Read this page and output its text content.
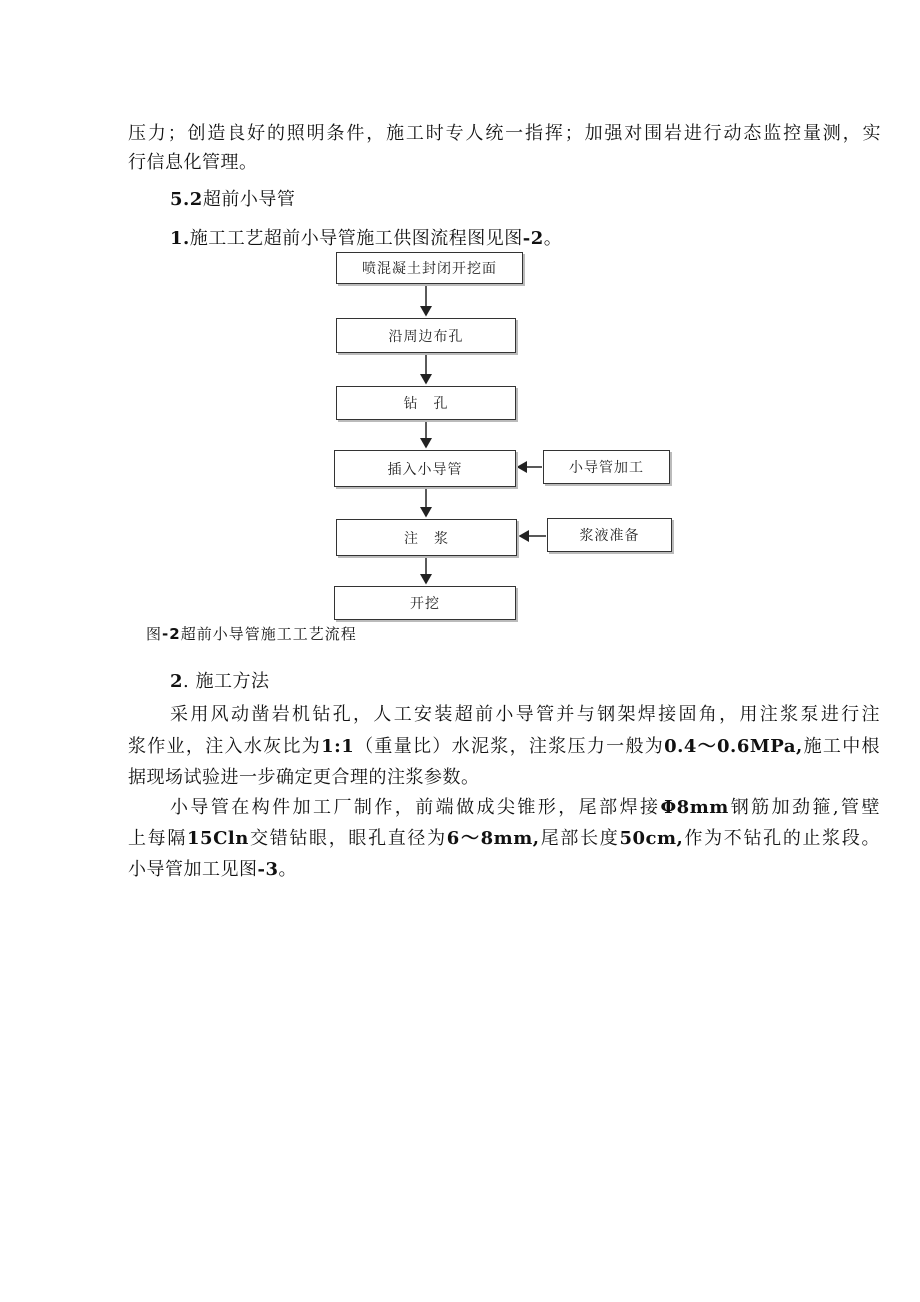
压力；创造良好的照明条件，施工时专人统一指挥；加强对围岩进行动态监控量测，实
行信息化管理。
5.2超前小导管
1.施工工艺超前小导管施工供图流程图见图-2。
喷混凝土封闭开挖面
沿周边布孔
钻　孔
插入小导管
注　浆
开挖
小导管加工
浆液准备
图-2超前小导管施工工艺流程
2. 施工方法
采用风动凿岩机钻孔，人工安装超前小导管并与钢架焊接固角，用注浆泵进行注
浆作业，注入水灰比为1:1（重量比）水泥浆，注浆压力一般为0.4～0.6MPa,施工中根
据现场试验进一步确定更合理的注浆参数。
小导管在构件加工厂制作，前端做成尖锥形，尾部焊接Φ8mm钢筋加劲箍,管壁
上每隔15Cln交错钻眼，眼孔直径为6～8mm,尾部长度50cm,作为不钻孔的止浆段。
小导管加工见图-3。
